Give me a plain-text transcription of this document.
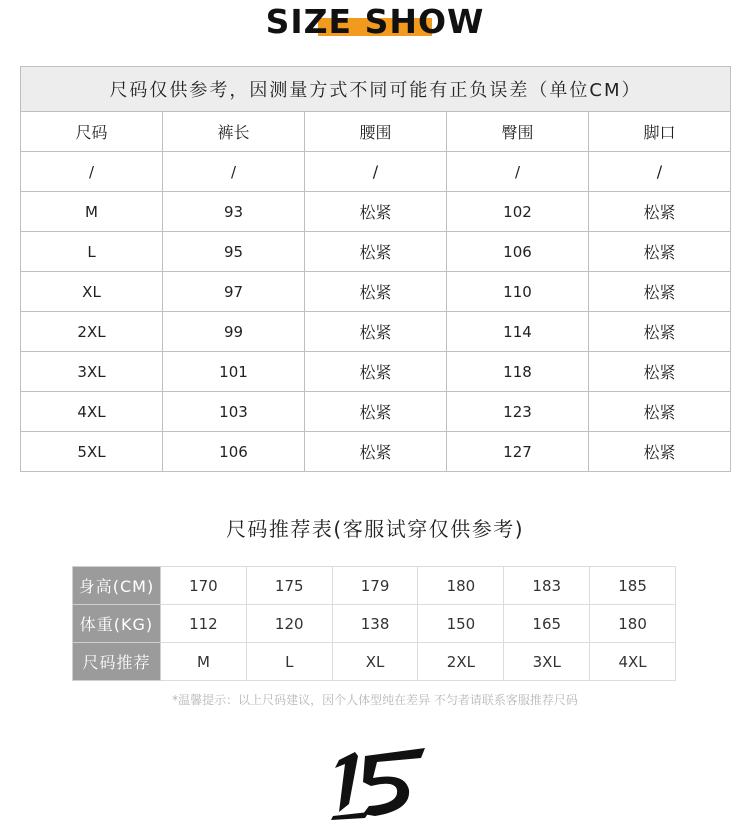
SIZE SHOW
尺码仅供参考，因测量方式不同可能有正负误差（单位CM）				
尺码	裤长	腰围	臀围	脚口
/	/	/	/	/
M	93	松紧	102	松紧
L	95	松紧	106	松紧
XL	97	松紧	110	松紧
2XL	99	松紧	114	松紧
3XL	101	松紧	118	松紧
4XL	103	松紧	123	松紧
5XL	106	松紧	127	松紧
尺码推荐表(客服试穿仅供参考)
身高(CM)	170	175	179	180	183	185
体重(KG)	112	120	138	150	165	180
尺码推荐	M	L	XL	2XL	3XL	4XL
*温馨提示：以上尺码建议，因个人体型纯在差异 不匀者请联系客服推荐尺码
